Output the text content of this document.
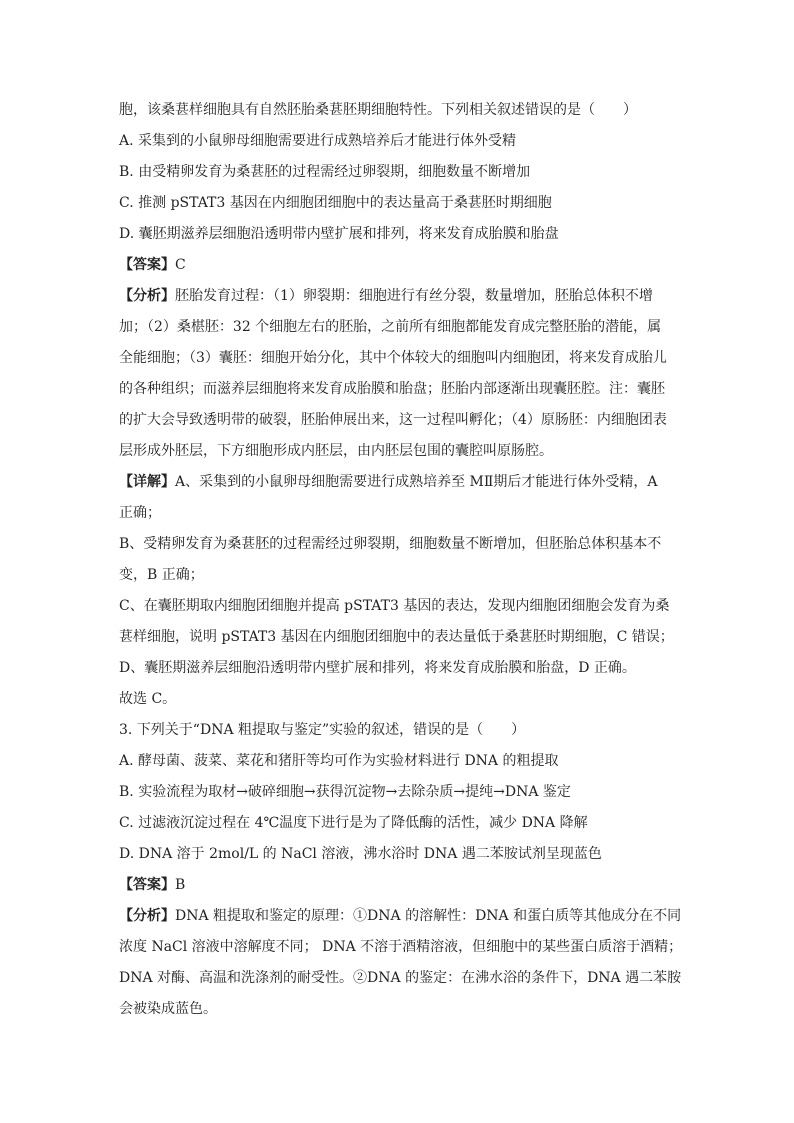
胞，该桑葚样细胞具有自然胚胎桑葚胚期细胞特性。下列相关叙述错误的是（　　）
A. 采集到的小鼠卵母细胞需要进行成熟培养后才能进行体外受精
B. 由受精卵发育为桑葚胚的过程需经过卵裂期，细胞数量不断增加
C. 推测 pSTAT3 基因在内细胞团细胞中的表达量高于桑葚胚时期细胞
D. 囊胚期滋养层细胞沿透明带内壁扩展和排列，将来发育成胎膜和胎盘
【答案】C
【分析】胚胎发育过程：（1）卵裂期：细胞进行有丝分裂，数量增加，胚胎总体积不增
加；（2）桑椹胚：32 个细胞左右的胚胎，之前所有细胞都能发育成完整胚胎的潜能，属
全能细胞；（3）囊胚：细胞开始分化，其中个体较大的细胞叫内细胞团，将来发育成胎儿
的各种组织；而滋养层细胞将来发育成胎膜和胎盘；胚胎内部逐渐出现囊胚腔。注：囊胚
的扩大会导致透明带的破裂，胚胎伸展出来，这一过程叫孵化；（4）原肠胚：内细胞团表
层形成外胚层，下方细胞形成内胚层，由内胚层包围的囊腔叫原肠腔。
【详解】A、采集到的小鼠卵母细胞需要进行成熟培养至 MⅡ期后才能进行体外受精，A
正确；
B、受精卵发育为桑葚胚的过程需经过卵裂期，细胞数量不断增加，但胚胎总体积基本不
变，B 正确；
C、在囊胚期取内细胞团细胞并提高 pSTAT3 基因的表达，发现内细胞团细胞会发育为桑
葚样细胞，说明 pSTAT3 基因在内细胞团细胞中的表达量低于桑葚胚时期细胞，C 错误；
D、囊胚期滋养层细胞沿透明带内壁扩展和排列，将来发育成胎膜和胎盘，D 正确。
故选 C。
3. 下列关于“DNA 粗提取与鉴定”实验的叙述，错误的是（　　）
A. 酵母菌、菠菜、菜花和猪肝等均可作为实验材料进行 DNA 的粗提取
B. 实验流程为取材→破碎细胞→获得沉淀物→去除杂质→提纯→DNA 鉴定
C. 过滤液沉淀过程在 4℃温度下进行是为了降低酶的活性，减少 DNA 降解
D. DNA 溶于 2mol/L 的 NaCl 溶液，沸水浴时 DNA 遇二苯胺试剂呈现蓝色
【答案】B
【分析】DNA 粗提取和鉴定的原理：①DNA 的溶解性：DNA 和蛋白质等其他成分在不同
浓度 NaCl 溶液中溶解度不同； DNA 不溶于酒精溶液，但细胞中的某些蛋白质溶于酒精；
DNA 对酶、高温和洗涤剂的耐受性。②DNA 的鉴定：在沸水浴的条件下，DNA 遇二苯胺
会被染成蓝色。
